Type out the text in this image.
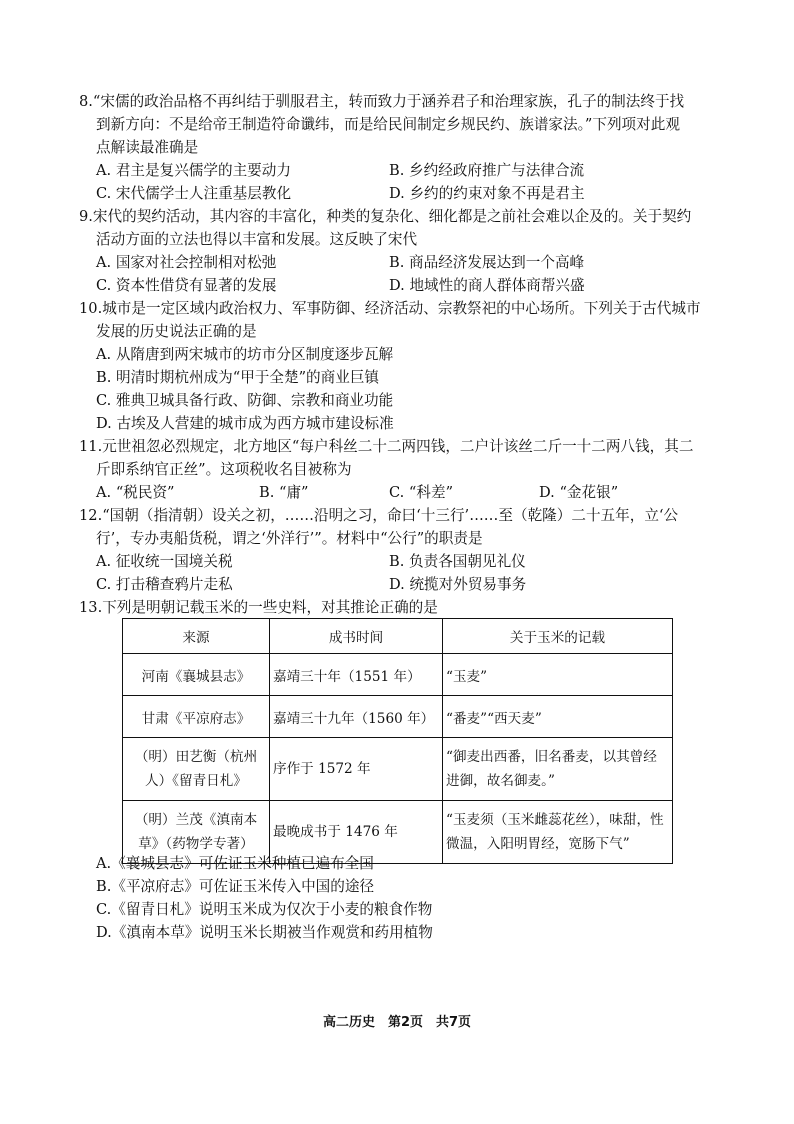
8.“宋儒的政治品格不再纠结于驯服君主，转而致力于涵养君子和治理家族，孔子的制法终于找
到新方向：不是给帝王制造符命谶纬，而是给民间制定乡规民约、族谱家法。”下列项对此观
点解读最准确是
A. 君主是复兴儒学的主要动力	B. 乡约经政府推广与法律合流
C. 宋代儒学士人注重基层教化	D. 乡约的约束对象不再是君主
9.宋代的契约活动，其内容的丰富化，种类的复杂化、细化都是之前社会难以企及的。关于契约
活动方面的立法也得以丰富和发展。这反映了宋代
A. 国家对社会控制相对松弛	B. 商品经济发展达到一个高峰
C. 资本性借贷有显著的发展	D. 地域性的商人群体商帮兴盛
10.城市是一定区域内政治权力、军事防御、经济活动、宗教祭祀的中心场所。下列关于古代城市
发展的历史说法正确的是
A. 从隋唐到两宋城市的坊市分区制度逐步瓦解
B. 明清时期杭州成为“甲于全楚”的商业巨镇
C. 雅典卫城具备行政、防御、宗教和商业功能
D. 古埃及人营建的城市成为西方城市建设标准
11.元世祖忽必烈规定，北方地区“每户科丝二十二两四钱，二户计该丝二斤一十二两八钱，其二
斤即系纳官正丝”。这项税收名目被称为
A. “税民资”	B. “庸”	C. “科差”	D. “金花银”
12.“国朝（指清朝）设关之初，……沿明之习，命曰‘十三行’……至（乾隆）二十五年，立‘公
行’，专办夷船货税，谓之‘外洋行’”。材料中“公行”的职责是
A. 征收统一国境关税	B. 负责各国朝见礼仪
C. 打击稽查鸦片走私	D. 统揽对外贸易事务
13.下列是明朝记载玉米的一些史料，对其推论正确的是
来源	成书时间	关于玉米的记载
河南《襄城县志》	嘉靖三十年（1551 年）	“玉麦”
甘肃《平凉府志》	嘉靖三十九年（1560 年）	“番麦”“西天麦”
（明）田艺衡（杭州人）《留青日札》	序作于 1572 年	“御麦出西番，旧名番麦，以其曾经进御，故名御麦。”
（明）兰茂《滇南本草》（药物学专著）	最晚成书于 1476 年	“玉麦须（玉米雌蕊花丝），味甜，性微温，入阳明胃经，宽肠下气”
A.《襄城县志》可佐证玉米种植已遍布全国
B.《平凉府志》可佐证玉米传入中国的途径
C.《留青日札》说明玉米成为仅次于小麦的粮食作物
D.《滇南本草》说明玉米长期被当作观赏和药用植物
高二历史　第2页　共7页
